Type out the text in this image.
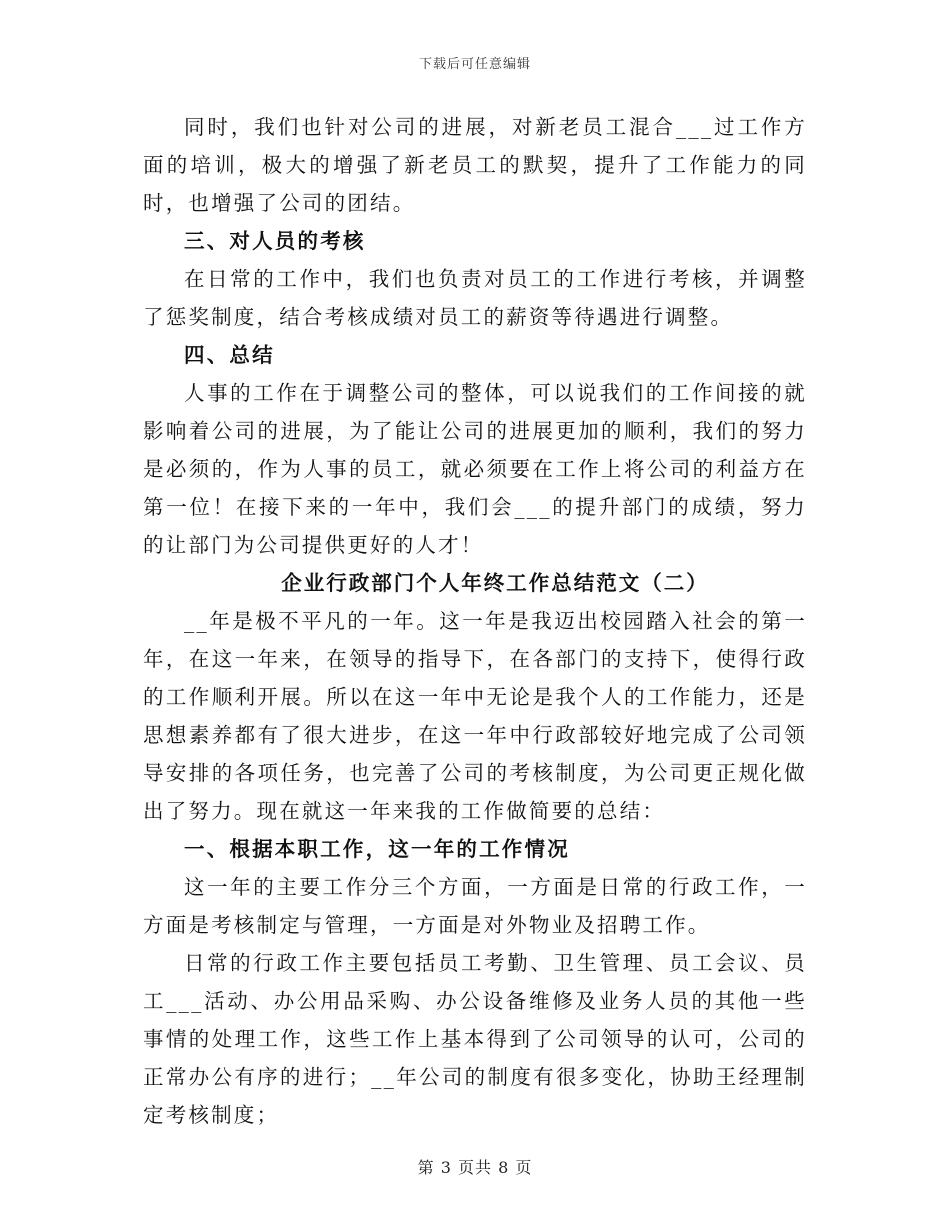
下载后可任意编辑

同时，我们也针对公司的进展，对新老员工混合___过工作方面的培训，极大的增强了新老员工的默契，提升了工作能力的同时，也增强了公司的团结。

三、对人员的考核

在日常的工作中，我们也负责对员工的工作进行考核，并调整了惩奖制度，结合考核成绩对员工的薪资等待遇进行调整。

四、总结

人事的工作在于调整公司的整体，可以说我们的工作间接的就影响着公司的进展，为了能让公司的进展更加的顺利，我们的努力是必须的，作为人事的员工，就必须要在工作上将公司的利益方在第一位！在接下来的一年中，我们会___的提升部门的成绩，努力的让部门为公司提供更好的人才！

企业行政部门个人年终工作总结范文（二）

__年是极不平凡的一年。这一年是我迈出校园踏入社会的第一年，在这一年来，在领导的指导下，在各部门的支持下，使得行政的工作顺利开展。所以在这一年中无论是我个人的工作能力，还是思想素养都有了很大进步，在这一年中行政部较好地完成了公司领导安排的各项任务，也完善了公司的考核制度，为公司更正规化做出了努力。现在就这一年来我的工作做简要的总结：

一、根据本职工作，这一年的工作情况

这一年的主要工作分三个方面，一方面是日常的行政工作，一方面是考核制定与管理，一方面是对外物业及招聘工作。

日常的行政工作主要包括员工考勤、卫生管理、员工会议、员工___活动、办公用品采购、办公设备维修及业务人员的其他一些事情的处理工作，这些工作上基本得到了公司领导的认可，公司的正常办公有序的进行；__年公司的制度有很多变化，协助王经理制定考核制度；

第 3 页共 8 页
